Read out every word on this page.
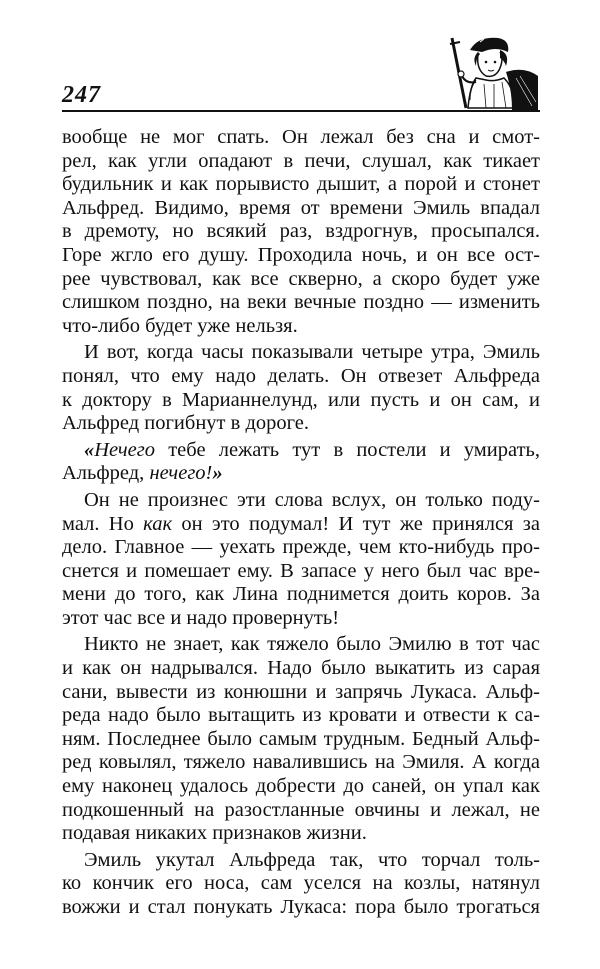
247
вообще не мог спать. Он лежал без сна и смот-
рел, как угли опадают в печи, слушал, как тикает
будильник и как порывисто дышит, а порой и стонет
Альфред. Видимо, время от времени Эмиль впадал
в дремоту, но всякий раз, вздрогнув, просыпался.
Горе жгло его душу. Проходила ночь, и он все ост-
рее чувствовал, как все скверно, а скоро будет уже
слишком поздно, на веки вечные поздно — изменить
что-либо будет уже нельзя.
И вот, когда часы показывали четыре утра, Эмиль
понял, что ему надо делать. Он отвезет Альфреда
к доктору в Марианнелунд, или пусть и он сам, и
Альфред погибнут в дороге.
«Нечего тебе лежать тут в постели и умирать,
Альфред, нечего!»
Он не произнес эти слова вслух, он только поду-
мал. Но как он это подумал! И тут же принялся за
дело. Главное — уехать прежде, чем кто-нибудь про-
снется и помешает ему. В запасе у него был час вре-
мени до того, как Лина поднимется доить коров. За
этот час все и надо провернуть!
Никто не знает, как тяжело было Эмилю в тот час
и как он надрывался. Надо было выкатить из сарая
сани, вывести из конюшни и запрячь Лукаса. Альф-
реда надо было вытащить из кровати и отвести к са-
ням. Последнее было самым трудным. Бедный Альф-
ред ковылял, тяжело навалившись на Эмиля. А когда
ему наконец удалось добрести до саней, он упал как
подкошенный на разостланные овчины и лежал, не
подавая никаких признаков жизни.
Эмиль укутал Альфреда так, что торчал толь-
ко кончик его носа, сам уселся на козлы, натянул
вожжи и стал понукать Лукаса: пора было трогаться
